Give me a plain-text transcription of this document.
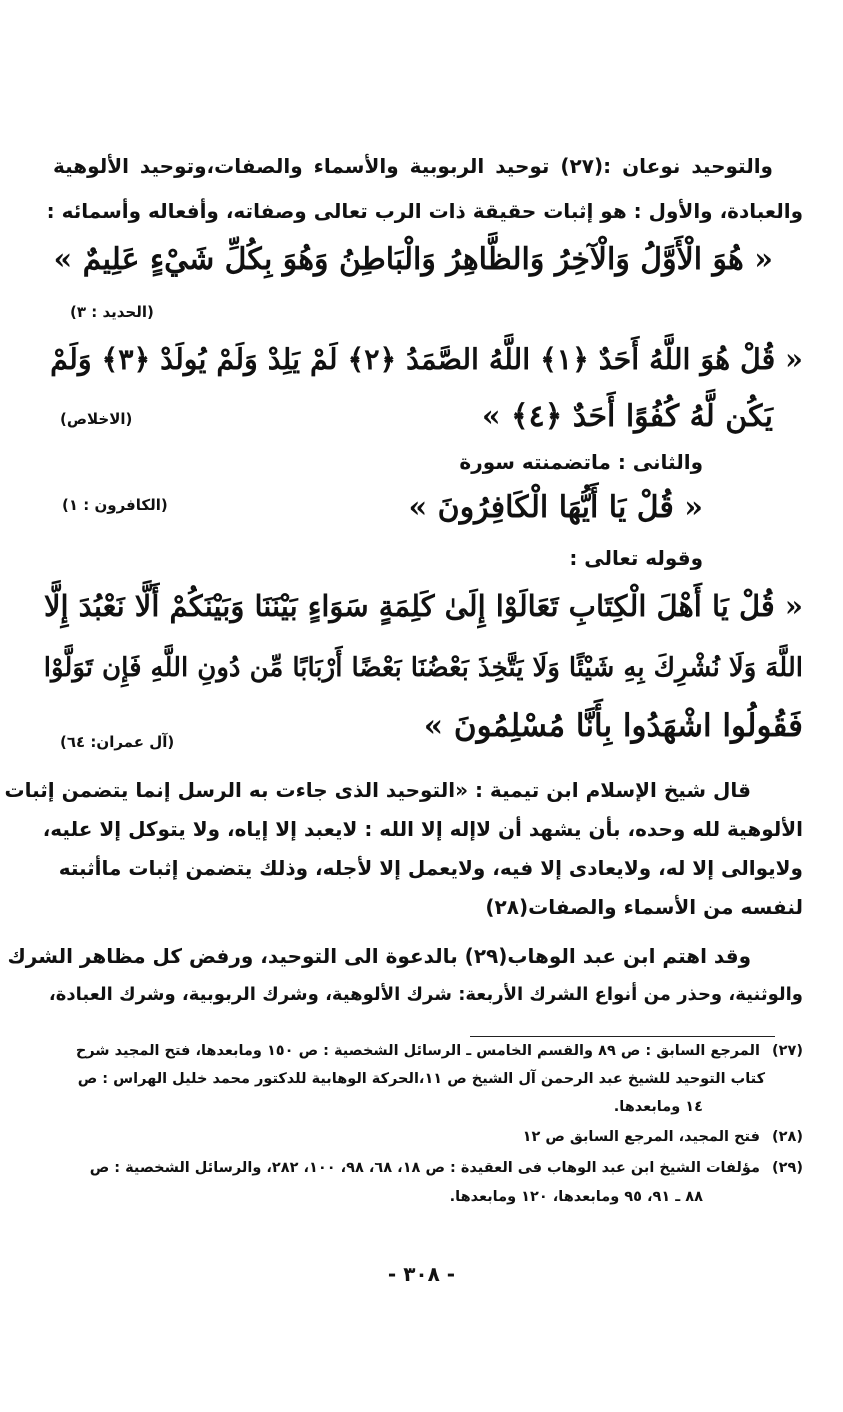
والتوحيد نوعان :(٢٧) توحيد الربوبية والأسماء والصفات،وتوحيد الألوهية
والعبادة، والأول : هو إثبات حقيقة ذات الرب تعالى وصفاته، وأفعاله وأسمائه :
« هُوَ الْأَوَّلُ وَالْآخِرُ وَالظَّاهِرُ وَالْبَاطِنُ وَهُوَ بِكُلِّ شَيْءٍ عَلِيمٌ »
(الحديد : ٣)
« قُلْ هُوَ اللَّهُ أَحَدٌ ﴿١﴾ اللَّهُ الصَّمَدُ ﴿٢﴾ لَمْ يَلِدْ وَلَمْ يُولَدْ ﴿٣﴾ وَلَمْ
يَكُن لَّهُ كُفُوًا أَحَدٌ ﴿٤﴾ »
(الاخلاص)
والثانى : ماتضمنته سورة
« قُلْ يَا أَيُّهَا الْكَافِرُونَ »
(الكافرون : ١)
وقوله تعالى :
« قُلْ يَا أَهْلَ الْكِتَابِ تَعَالَوْا إِلَىٰ كَلِمَةٍ سَوَاءٍ بَيْنَنَا وَبَيْنَكُمْ أَلَّا نَعْبُدَ إِلَّا
اللَّهَ وَلَا نُشْرِكَ بِهِ شَيْئًا وَلَا يَتَّخِذَ بَعْضُنَا بَعْضًا أَرْبَابًا مِّن دُونِ اللَّهِ فَإِن تَوَلَّوْا
فَقُولُوا اشْهَدُوا بِأَنَّا مُسْلِمُونَ »
(آل عمران: ٦٤)
قال شيخ الإسلام ابن تيمية : «التوحيد الذى جاءت به الرسل إنما يتضمن إثبات
الألوهية لله وحده، بأن يشهد أن لاإله إلا الله : لايعبد إلا إياه، ولا يتوكل إلا عليه،
ولايوالى إلا له، ولايعادى إلا فيه، ولايعمل إلا لأجله، وذلك يتضمن إثبات ماأثبته
لنفسه من الأسماء والصفات(٢٨)
وقد اهتم ابن عبد الوهاب(٢٩) بالدعوة الى التوحيد، ورفض كل مظاهر الشرك
والوثنية، وحذر من أنواع الشرك الأربعة: شرك الألوهية، وشرك الربوبية، وشرك العبادة،
(٢٧) المرجع السابق : ص ٨٩ والقسم الخامس ـ الرسائل الشخصية : ص ١٥٠ ومابعدها، فتح المجيد شرح
كتاب التوحيد للشيخ عبد الرحمن آل الشيخ ص ١١،الحركة الوهابية للدكتور محمد خليل الهراس : ص
١٤ ومابعدها.
(٢٨) فتح المجيد، المرجع السابق ص ١٢
(٢٩) مؤلفات الشيخ ابن عبد الوهاب فى العقيدة : ص ١٨، ٦٨، ٩٨، ١٠٠، ٢٨٢، والرسائل الشخصية : ص
٨٨ ـ ٩١، ٩٥ ومابعدها، ١٢٠ ومابعدها.
- ٣٠٨ -
